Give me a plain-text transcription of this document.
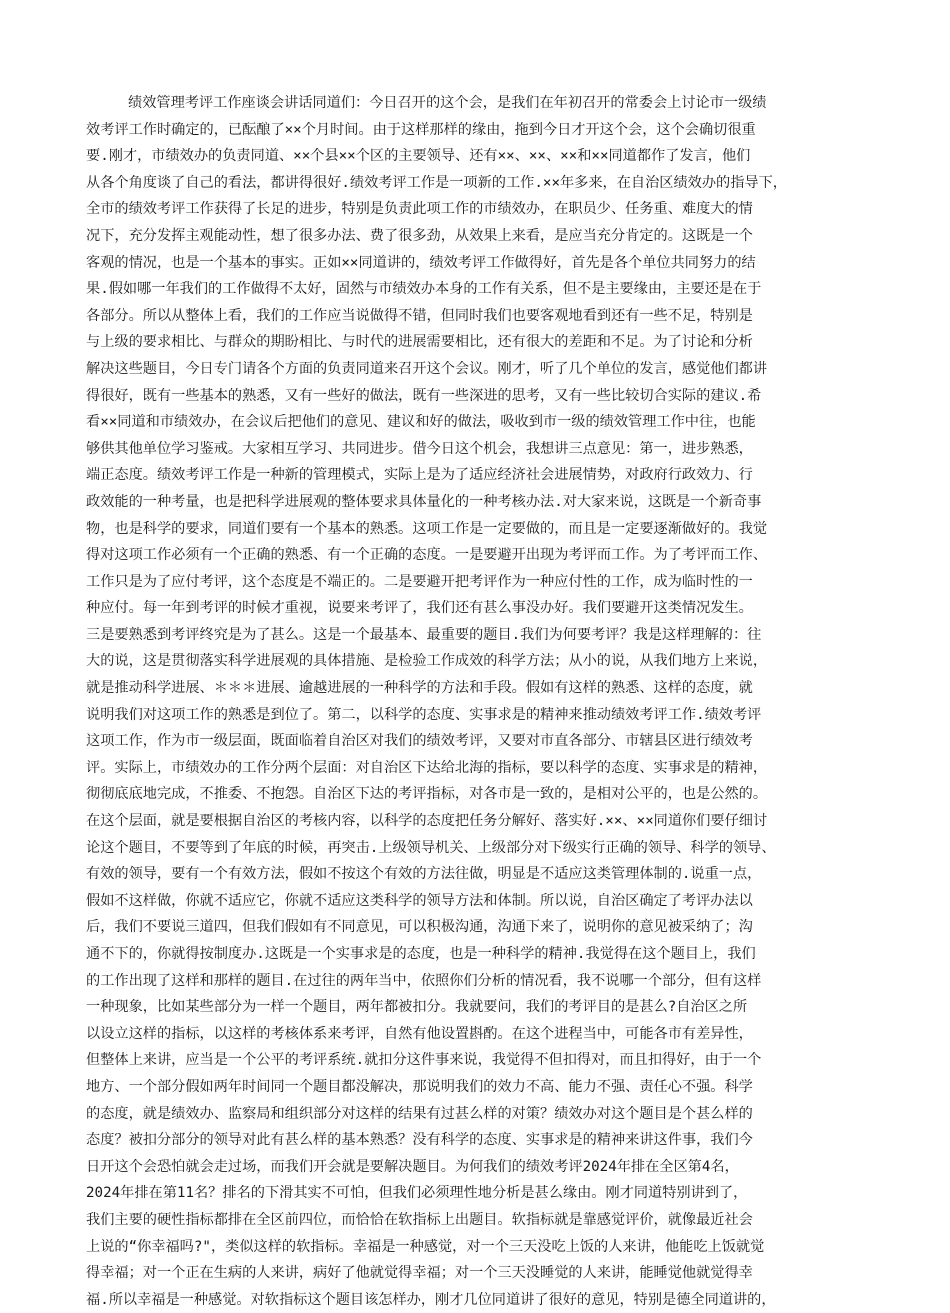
绩效管理考评工作座谈会讲话同道们：今日召开的这个会，是我们在年初召开的常委会上讨论市一级绩
效考评工作时确定的，已酝酿了××个月时间。由于这样那样的缘由，拖到今日才开这个会，这个会确切很重
要.刚才，市绩效办的负责同道、××个县××个区的主要领导、还有××、××、××和××同道都作了发言，他们
从各个角度谈了自己的看法，都讲得很好.绩效考评工作是一项新的工作.××年多来，在自治区绩效办的指导下，
全市的绩效考评工作获得了长足的进步，特别是负责此项工作的市绩效办，在职员少、任务重、难度大的情
况下，充分发挥主观能动性，想了很多办法、费了很多劲，从效果上来看，是应当充分肯定的。这既是一个
客观的情况，也是一个基本的事实。正如××同道讲的，绩效考评工作做得好，首先是各个单位共同努力的结
果.假如哪一年我们的工作做得不太好，固然与市绩效办本身的工作有关系，但不是主要缘由，主要还是在于
各部分。所以从整体上看，我们的工作应当说做得不错，但同时我们也要客观地看到还有一些不足，特别是
与上级的要求相比、与群众的期盼相比、与时代的进展需要相比，还有很大的差距和不足。为了讨论和分析
解决这些题目，今日专门请各个方面的负责同道来召开这个会议。刚才，听了几个单位的发言，感觉他们都讲
得很好，既有一些基本的熟悉，又有一些好的做法，既有一些深进的思考，又有一些比较切合实际的建议.希
看××同道和市绩效办，在会议后把他们的意见、建议和好的做法，吸收到市一级的绩效管理工作中往，也能
够供其他单位学习鉴戒。大家相互学习、共同进步。借今日这个机会，我想讲三点意见：第一，进步熟悉，
端正态度。绩效考评工作是一种新的管理模式，实际上是为了适应经济社会进展情势，对政府行政效力、行
政效能的一种考量，也是把科学进展观的整体要求具体量化的一种考核办法.对大家来说，这既是一个新奇事
物，也是科学的要求，同道们要有一个基本的熟悉。这项工作是一定要做的，而且是一定要逐渐做好的。我觉
得对这项工作必须有一个正确的熟悉、有一个正确的态度。一是要避开出现为考评而工作。为了考评而工作、
工作只是为了应付考评，这个态度是不端正的。二是要避开把考评作为一种应付性的工作，成为临时性的一
种应付。每一年到考评的时候才重视，说要来考评了，我们还有甚么事没办好。我们要避开这类情况发生。
三是要熟悉到考评终究是为了甚么。这是一个最基本、最重要的题目.我们为何要考评？我是这样理解的：往
大的说，这是贯彻落实科学进展观的具体措施、是检验工作成效的科学方法；从小的说，从我们地方上来说，
就是推动科学进展、＊＊＊进展、逾越进展的一种科学的方法和手段。假如有这样的熟悉、这样的态度，就
说明我们对这项工作的熟悉是到位了。第二，以科学的态度、实事求是的精神来推动绩效考评工作.绩效考评
这项工作，作为市一级层面，既面临着自治区对我们的绩效考评，又要对市直各部分、市辖县区进行绩效考
评。实际上，市绩效办的工作分两个层面：对自治区下达给北海的指标，要以科学的态度、实事求是的精神，
彻彻底底地完成，不推委、不抱怨。自治区下达的考评指标，对各市是一致的，是相对公平的，也是公然的。
在这个层面，就是要根据自治区的考核内容，以科学的态度把任务分解好、落实好.××、××同道你们要仔细讨
论这个题目，不要等到了年底的时候，再突击.上级领导机关、上级部分对下级实行正确的领导、科学的领导、
有效的领导，要有一个有效方法，假如不按这个有效的方法往做，明显是不适应这类管理体制的.说重一点，
假如不这样做，你就不适应它，你就不适应这类科学的领导方法和体制。所以说，自治区确定了考评办法以
后，我们不要说三道四，但我们假如有不同意见，可以积极沟通，沟通下来了，说明你的意见被采纳了；沟
通不下的，你就得按制度办.这既是一个实事求是的态度，也是一种科学的精神.我觉得在这个题目上，我们
的工作出现了这样和那样的题目.在过往的两年当中，依照你们分析的情况看，我不说哪一个部分，但有这样
一种现象，比如某些部分为一样一个题目，两年都被扣分。我就要问，我们的考评目的是甚么?自治区之所
以设立这样的指标，以这样的考核体系来考评，自然有他设置斟酌。在这个进程当中，可能各市有差异性，
但整体上来讲，应当是一个公平的考评系统.就扣分这件事来说，我觉得不但扣得对，而且扣得好，由于一个
地方、一个部分假如两年时间同一个题目都没解决，那说明我们的效力不高、能力不强、责任心不强。科学
的态度，就是绩效办、监察局和组织部分对这样的结果有过甚么样的对策？绩效办对这个题目是个甚么样的
态度？被扣分部分的领导对此有甚么样的基本熟悉？没有科学的态度、实事求是的精神来讲这件事，我们今
日开这个会恐怕就会走过场，而我们开会就是要解决题目。为何我们的绩效考评2024年排在全区第4名，
2024年排在第11名？排名的下滑其实不可怕，但我们必须理性地分析是甚么缘由。刚才同道特别讲到了，
我们主要的硬性指标都排在全区前四位，而恰恰在软指标上出题目。软指标就是靠感觉评价，就像最近社会
上说的“你幸福吗?"，类似这样的软指标。幸福是一种感觉，对一个三天没吃上饭的人来讲，他能吃上饭就觉
得幸福；对一个正在生病的人来讲，病好了他就觉得幸福；对一个三天没睡觉的人来讲，能睡觉他就觉得幸
福.所以幸福是一种感觉。对软指标这个题目该怎样办，刚才几位同道讲了很好的意见，特别是德全同道讲的，
